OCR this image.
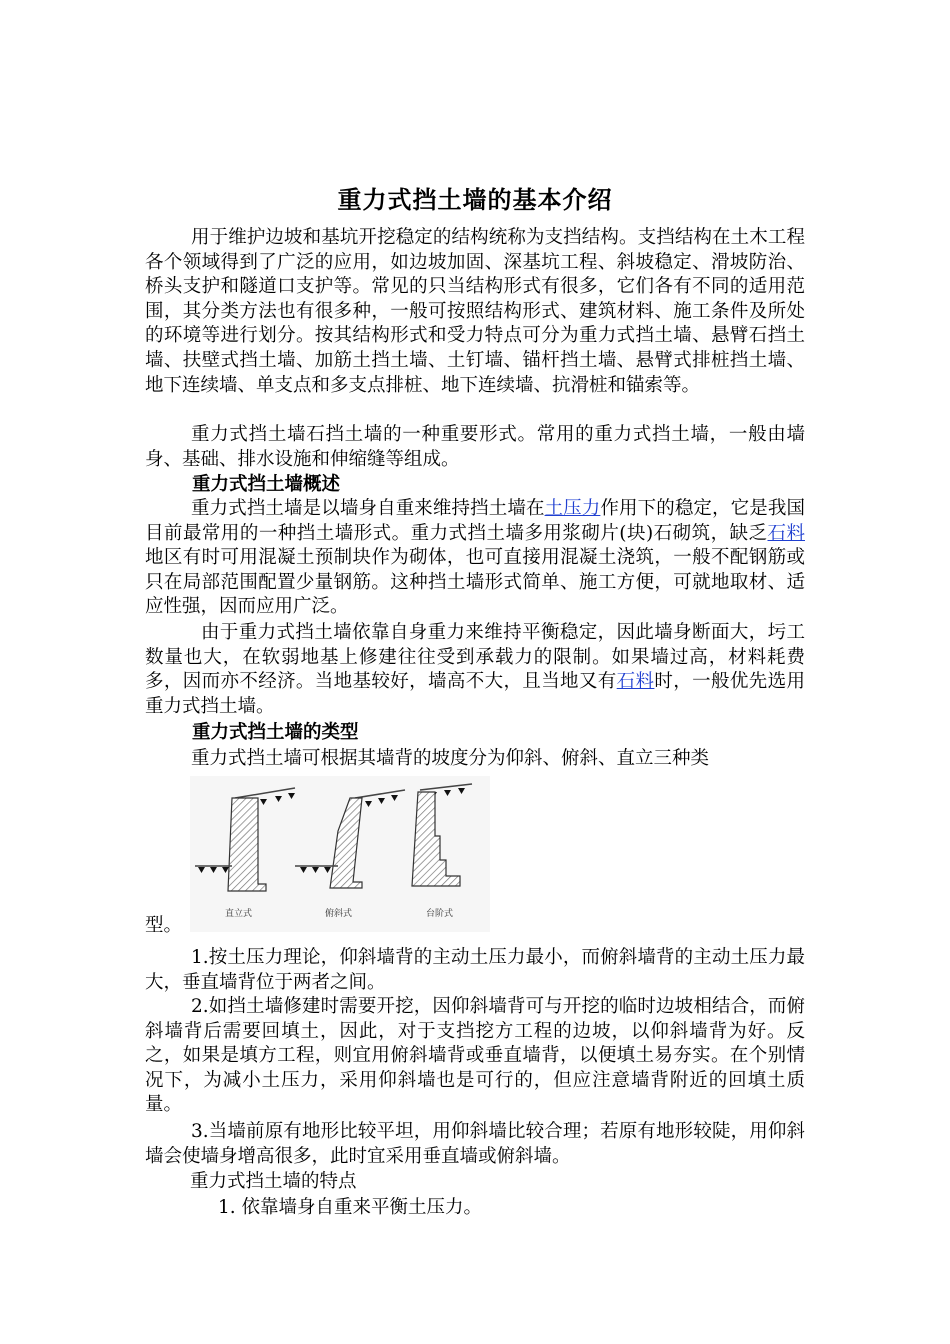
重力式挡土墙的基本介绍

用于维护边坡和基坑开挖稳定的结构统称为支挡结构。支挡结构在土木工程各个领域得到了广泛的应用，如边坡加固、深基坑工程、斜坡稳定、滑坡防治、桥头支护和隧道口支护等。常见的只当结构形式有很多，它们各有不同的适用范围，其分类方法也有很多种，一般可按照结构形式、建筑材料、施工条件及所处的环境等进行划分。按其结构形式和受力特点可分为重力式挡土墙、悬臂石挡土墙、扶壁式挡土墙、加筋土挡土墙、土钉墙、锚杆挡土墙、悬臂式排桩挡土墙、地下连续墙、单支点和多支点排桩、地下连续墙、抗滑桩和锚索等。

重力式挡土墙石挡土墙的一种重要形式。常用的重力式挡土墙，一般由墙身、基础、排水设施和伸缩缝等组成。

重力式挡土墙概述

重力式挡土墙是以墙身自重来维持挡土墙在土压力作用下的稳定，它是我国目前最常用的一种挡土墙形式。重力式挡土墙多用浆砌片(块)石砌筑，缺乏石料地区有时可用混凝土预制块作为砌体，也可直接用混凝土浇筑，一般不配钢筋或只在局部范围配置少量钢筋。这种挡土墙形式简单、施工方便，可就地取材、适应性强，因而应用广泛。

由于重力式挡土墙依靠自身重力来维持平衡稳定，因此墙身断面大，圬工数量也大，在软弱地基上修建往往受到承载力的限制。如果墙过高，材料耗费多，因而亦不经济。当地基较好，墙高不大，且当地又有石料时，一般优先选用重力式挡土墙。

重力式挡土墙的类型

重力式挡土墙可根据其墙背的坡度分为仰斜、俯斜、直立三种类

直立式	俯斜式	台阶式
型。

1.按土压力理论，仰斜墙背的主动土压力最小，而俯斜墙背的主动土压力最大，垂直墙背位于两者之间。

2.如挡土墙修建时需要开挖，因仰斜墙背可与开挖的临时边坡相结合，而俯斜墙背后需要回填土，因此，对于支挡挖方工程的边坡，以仰斜墙背为好。反之，如果是填方工程，则宜用俯斜墙背或垂直墙背，以便填土易夯实。在个别情况下，为减小土压力，采用仰斜墙也是可行的，但应注意墙背附近的回填土质量。

3.当墙前原有地形比较平坦，用仰斜墙比较合理；若原有地形较陡，用仰斜墙会使墙身增高很多，此时宜采用垂直墙或俯斜墙。

重力式挡土墙的特点
1. 依靠墙身自重来平衡土压力。
